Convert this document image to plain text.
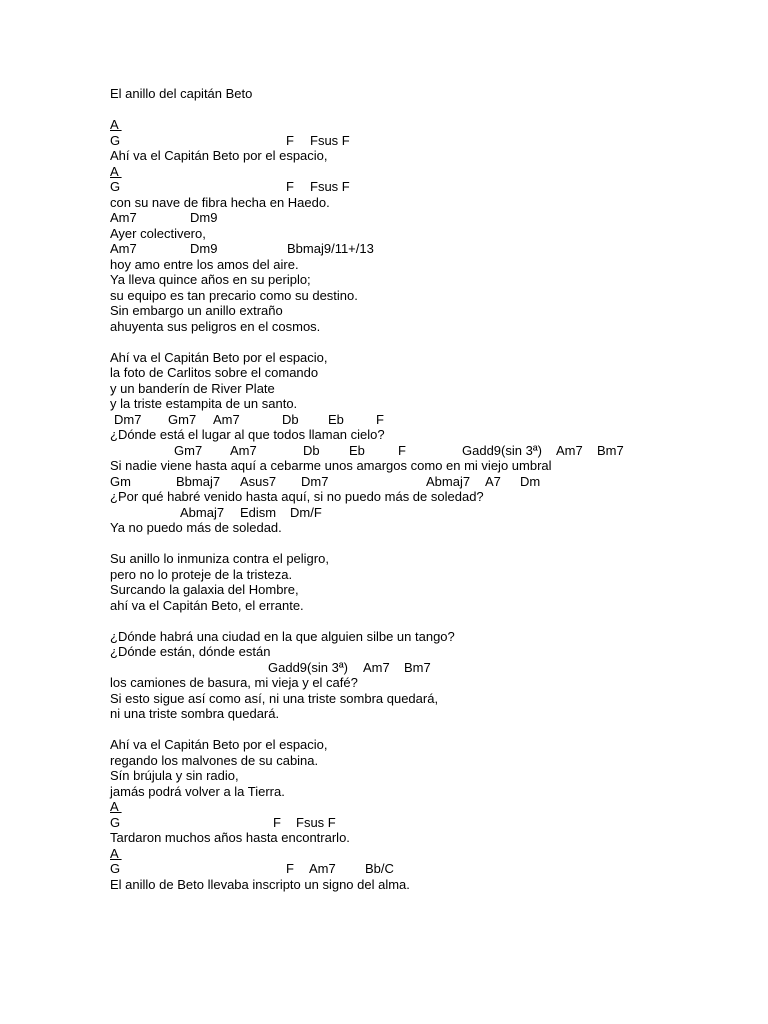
El anillo del capitán Beto
A
G	F Fsus F
Ahí va el Capitán Beto por el espacio,
A
G	F Fsus F
con su nave de fibra hecha en Haedo.
Am7	Dm9
Ayer colectivero,
Am7	Dm9	Bbmaj9/11+/13
hoy amo entre los amos del aire.
Ya lleva quince años en su periplo;
su equipo es tan precario como su destino.
Sin embargo un anillo extraño
ahuyenta sus peligros en el cosmos.
Ahí va el Capitán Beto por el espacio,
la foto de Carlitos sobre el comando
y un banderín de River Plate
y la triste estampita de un santo.
Dm7 Gm7 Am7	Db Eb F
¿Dónde está el lugar al que todos llaman cielo?
Gm7 Am7	Db Eb	F	Gadd9(sin 3ª) Am7 Bm7
Si nadie viene hasta aquí a cebarme unos amargos como en mi viejo umbral
Gm	Bbmaj7 Asus7 Dm7	Abmaj7 A7 Dm
¿Por qué habré venido hasta aquí, si no puedo más de soledad?
Abmaj7 Edism Dm/F
Ya no puedo más de soledad.
Su anillo lo inmuniza contra el peligro,
pero no lo proteje de la tristeza.
Surcando la galaxia del Hombre,
ahí va el Capitán Beto, el errante.
¿Dónde habrá una ciudad en la que alguien silbe un tango?
¿Dónde están, dónde están
Gadd9(sin 3ª) Am7 Bm7
los camiones de basura, mi vieja y el café?
Si esto sigue así como así, ni una triste sombra quedará,
ni una triste sombra quedará.
Ahí va el Capitán Beto por el espacio,
regando los malvones de su cabina.
Sín brújula y sin radio,
jamás podrá volver a la Tierra.
A
G	F Fsus F
Tardaron muchos años hasta encontrarlo.
A
G	F Am7 Bb/C
El anillo de Beto llevaba inscripto un signo del alma.
